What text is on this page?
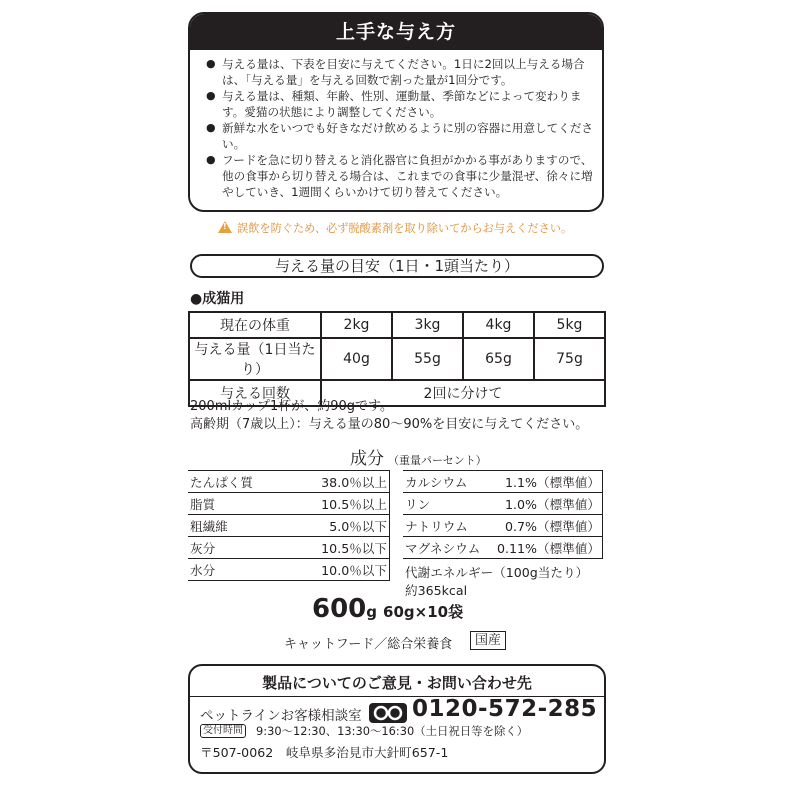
上手な与え方
● 与える量は、下表を目安に与えてください。1日に2回以上与える場合は、「与える量」を与える回数で割った量が1回分です。
● 与える量は、種類、年齢、性別、運動量、季節などによって変わります。愛猫の状態により調整してください。
● 新鮮な水をいつでも好きなだけ飲めるように別の容器に用意してください。
● フードを急に切り替えると消化器官に負担がかかる事がありますので、他の食事から切り替える場合は、これまでの食事に少量混ぜ、徐々に増やしていき、1週間くらいかけて切り替えてください。
!誤飲を防ぐため、必ず脱酸素剤を取り除いてからお与えください。
与える量の目安（1日・1頭当たり）
●成猫用
現在の体重	2kg	3kg	4kg	5kg
与える量（1日当たり）	40g	55g	65g	75g
与える回数	2回に分けて			
200mlカップ1杯が、約90gです。
高齢期（7歳以上）：与える量の80〜90%を目安に与えてください。
成分 （重量パーセント）
たんぱく質	38.0％以上
脂質	10.5％以上
粗繊維	5.0％以下
灰分	10.5％以下
水分	10.0％以下
カルシウム	1.1%（標準値）
リン	1.0%（標準値）
ナトリウム	0.7%（標準値）
マグネシウム	0.11%（標準値）
代謝エネルギー（100g当たり）
約365kcal
600g 60g×10袋
キャットフード／総合栄養食	国産
製品についてのご意見・お問い合わせ先
ペットラインお客様相談室 0120-572-285
受付時間 9:30〜12:30、13:30〜16:30（土日祝日等を除く）
〒507-0062　岐阜県多治見市大針町657-1
